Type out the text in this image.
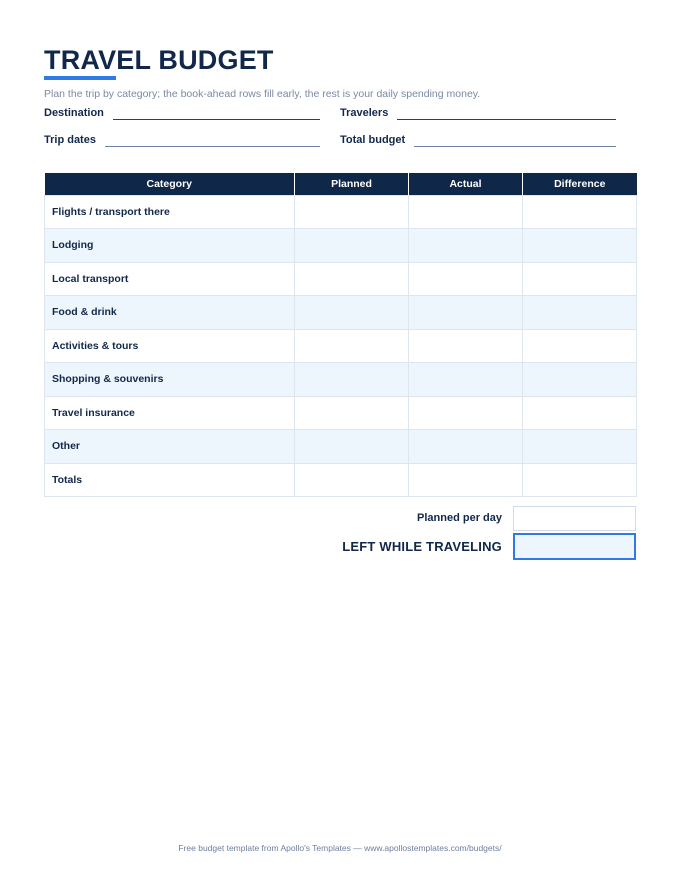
TRAVEL BUDGET
Plan the trip by category; the book-ahead rows fill early, the rest is your daily spending money.
Destination	Travelers
Trip dates	Total budget
Category	Planned	Actual	Difference
Flights / transport there			
Lodging			
Local transport			
Food & drink			
Activities & tours			
Shopping & souvenirs			
Travel insurance			
Other			
Totals			
Planned per day
LEFT WHILE TRAVELING
Free budget template from Apollo's Templates — www.apollostemplates.com/budgets/
